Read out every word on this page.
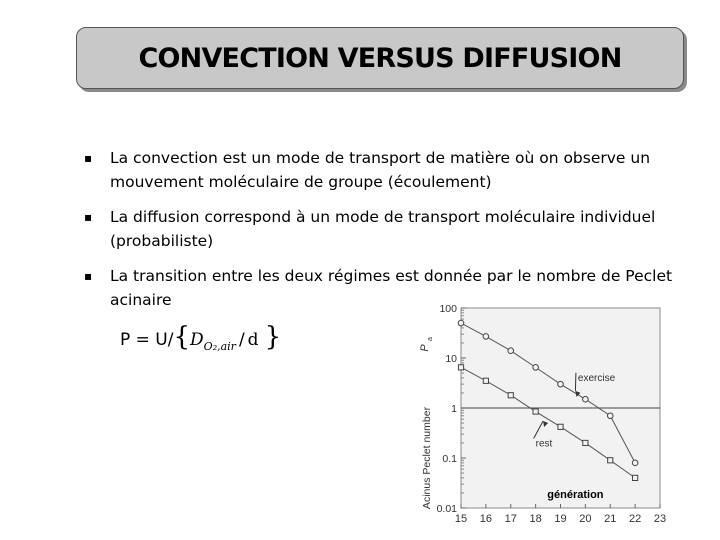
CONVECTION VERSUS DIFFUSION
▪ La convection est un mode de transport de matière où on observe un mouvement moléculaire de groupe (écoulement)
▪ La diffusion correspond à un mode de transport moléculaire individuel (probabiliste)
▪ La transition entre les deux régimes est donnée par le nombre de Peclet acinaire
P = U/ { D O₂,air / d }
15 16 17 18 19 20 21 22 23
100
10
1
0.1
0.01
Acinus Peclet number
P
a
génération
exercise
rest
